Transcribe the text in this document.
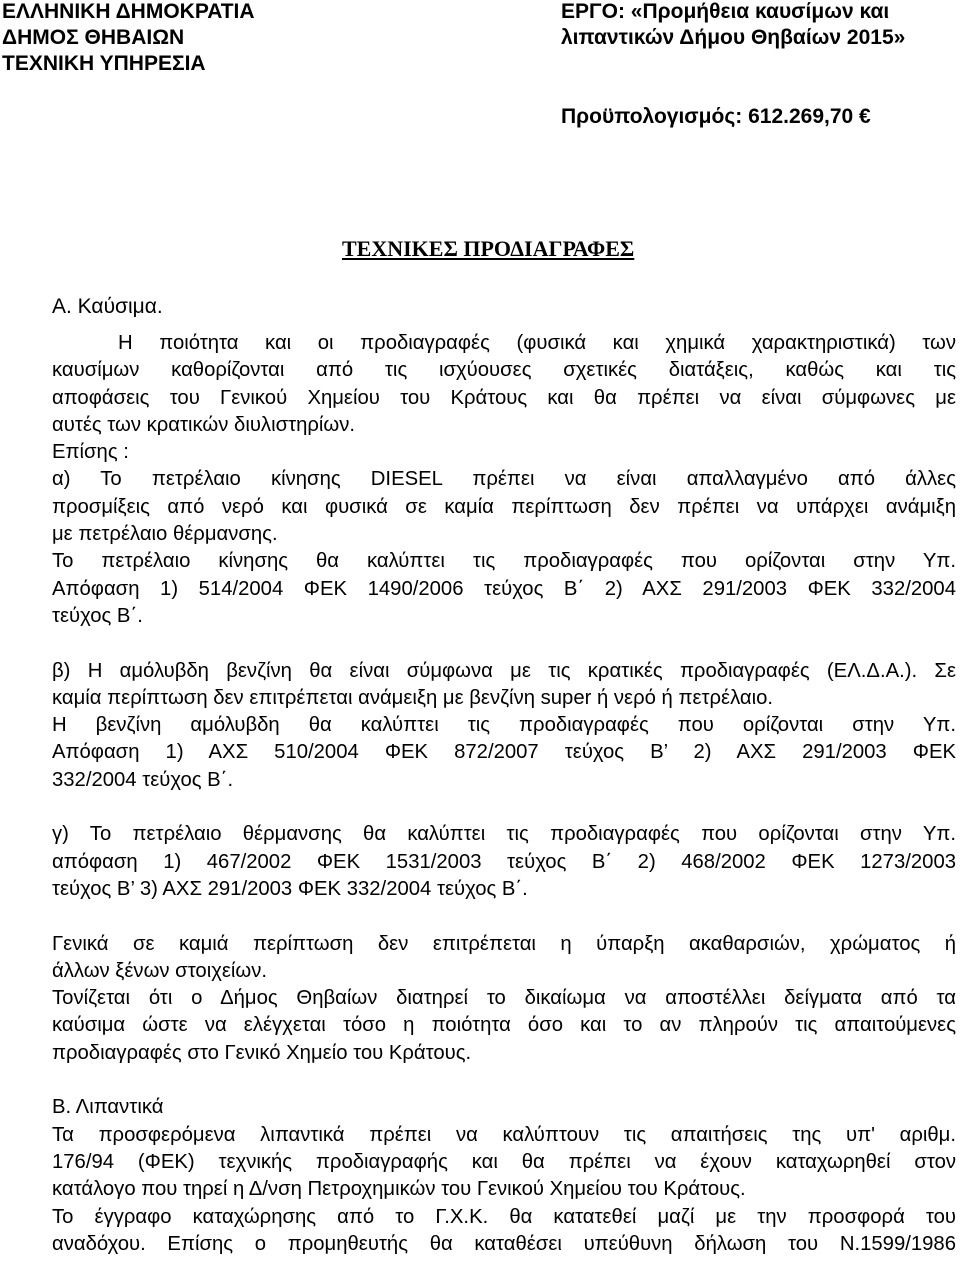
ΕΛΛΗΝΙΚΗ ΔΗΜΟΚΡΑΤΙΑ
ΔΗΜΟΣ ΘΗΒΑΙΩΝ
ΤΕΧΝΙΚΗ ΥΠΗΡΕΣΙΑ
ΕΡΓΟ: «Προμήθεια καυσίμων και
λιπαντικών Δήμου Θηβαίων 2015»
Προϋπολογισμός: 612.269,70 €
ΤΕΧΝΙΚΕΣ ΠΡΟΔΙΑΓΡΑΦΕΣ
Α. Καύσιμα.
Η ποιότητα και οι προδιαγραφές (φυσικά και χημικά χαρακτηριστικά) των
καυσίμων καθορίζονται από τις ισχύουσες σχετικές διατάξεις, καθώς και τις
αποφάσεις του Γενικού Χημείου του Κράτους και θα πρέπει να είναι σύμφωνες με
αυτές των κρατικών διυλιστηρίων.
Επίσης :
α) Το πετρέλαιο κίνησης DIESEL πρέπει να είναι απαλλαγμένο από άλλες
προσμίξεις από νερό και φυσικά σε καμία περίπτωση δεν πρέπει να υπάρχει ανάμιξη
με πετρέλαιο θέρμανσης.
Το πετρέλαιο κίνησης θα καλύπτει τις προδιαγραφές που ορίζονται στην Υπ.
Απόφαση 1) 514/2004 ΦΕΚ 1490/2006 τεύχος Β΄ 2) ΑΧΣ 291/2003 ΦΕΚ 332/2004
τεύχος Β΄.
β) Η αμόλυβδη βενζίνη θα είναι σύμφωνα με τις κρατικές προδιαγραφές (ΕΛ.Δ.Α.). Σε
καμία περίπτωση δεν επιτρέπεται ανάμειξη με βενζίνη super ή νερό ή πετρέλαιο.
Η βενζίνη αμόλυβδη θα καλύπτει τις προδιαγραφές που ορίζονται στην Υπ.
Απόφαση 1) ΑΧΣ 510/2004 ΦΕΚ 872/2007 τεύχος Β’ 2) ΑΧΣ 291/2003 ΦΕΚ
332/2004 τεύχος Β΄.
γ) Το πετρέλαιο θέρμανσης θα καλύπτει τις προδιαγραφές που ορίζονται στην Υπ.
απόφαση 1) 467/2002 ΦΕΚ 1531/2003 τεύχος Β΄ 2) 468/2002 ΦΕΚ 1273/2003
τεύχος Β’ 3) ΑΧΣ 291/2003 ΦΕΚ 332/2004 τεύχος Β΄.
Γενικά σε καμιά περίπτωση δεν επιτρέπεται η ύπαρξη ακαθαρσιών, χρώματος ή
άλλων ξένων στοιχείων.
Τονίζεται ότι ο Δήμος Θηβαίων διατηρεί το δικαίωμα να αποστέλλει δείγματα από τα
καύσιμα ώστε να ελέγχεται τόσο η ποιότητα όσο και το αν πληρούν τις απαιτούμενες
προδιαγραφές στο Γενικό Χημείο του Κράτους.
Β. Λιπαντικά
Τα προσφερόμενα λιπαντικά πρέπει να καλύπτουν τις απαιτήσεις της υπ' αριθμ.
176/94 (ΦΕΚ) τεχνικής προδιαγραφής και θα πρέπει να έχουν καταχωρηθεί στον
κατάλογο που τηρεί η Δ/νση Πετροχημικών του Γενικού Χημείου του Κράτους.
Το έγγραφο καταχώρησης από το Γ.Χ.Κ. θα κατατεθεί μαζί με την προσφορά του
αναδόχου. Επίσης ο προμηθευτής θα καταθέσει υπεύθυνη δήλωση του Ν.1599/1986
